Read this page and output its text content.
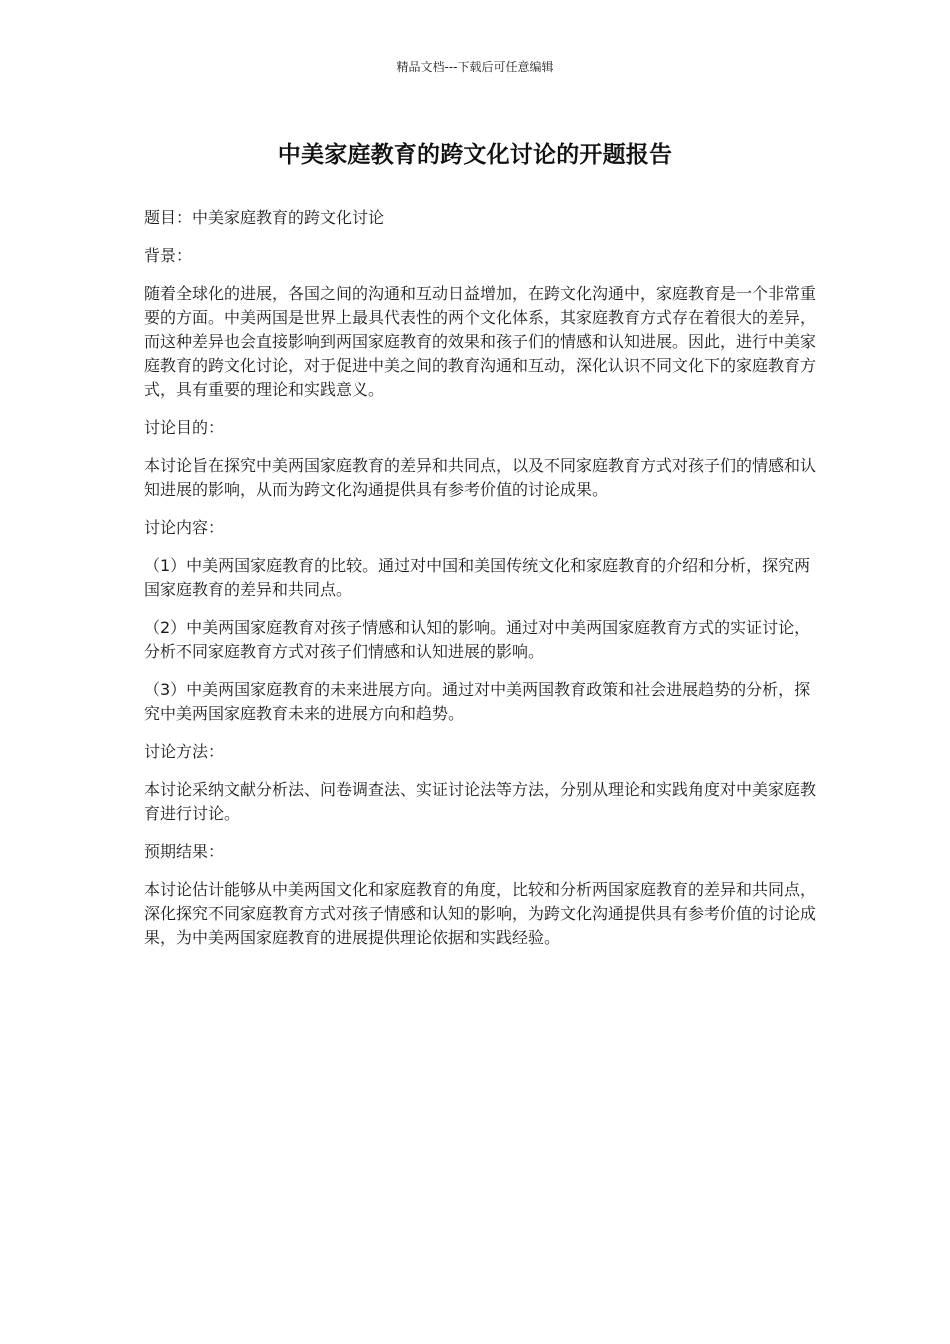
精品文档---下载后可任意编辑
中美家庭教育的跨文化讨论的开题报告

题目：中美家庭教育的跨文化讨论

背景：

随着全球化的进展，各国之间的沟通和互动日益增加，在跨文化沟通中，家庭教育是一个非常重要的方面。中美两国是世界上最具代表性的两个文化体系，其家庭教育方式存在着很大的差异，而这种差异也会直接影响到两国家庭教育的效果和孩子们的情感和认知进展。因此，进行中美家庭教育的跨文化讨论，对于促进中美之间的教育沟通和互动，深化认识不同文化下的家庭教育方式，具有重要的理论和实践意义。

讨论目的：

本讨论旨在探究中美两国家庭教育的差异和共同点，以及不同家庭教育方式对孩子们的情感和认知进展的影响，从而为跨文化沟通提供具有参考价值的讨论成果。

讨论内容：

（1）中美两国家庭教育的比较。通过对中国和美国传统文化和家庭教育的介绍和分析，探究两国家庭教育的差异和共同点。

（2）中美两国家庭教育对孩子情感和认知的影响。通过对中美两国家庭教育方式的实证讨论，分析不同家庭教育方式对孩子们情感和认知进展的影响。

（3）中美两国家庭教育的未来进展方向。通过对中美两国教育政策和社会进展趋势的分析，探究中美两国家庭教育未来的进展方向和趋势。

讨论方法：

本讨论采纳文献分析法、问卷调查法、实证讨论法等方法，分别从理论和实践角度对中美家庭教育进行讨论。

预期结果：

本讨论估计能够从中美两国文化和家庭教育的角度，比较和分析两国家庭教育的差异和共同点，深化探究不同家庭教育方式对孩子情感和认知的影响，为跨文化沟通提供具有参考价值的讨论成果，为中美两国家庭教育的进展提供理论依据和实践经验。
